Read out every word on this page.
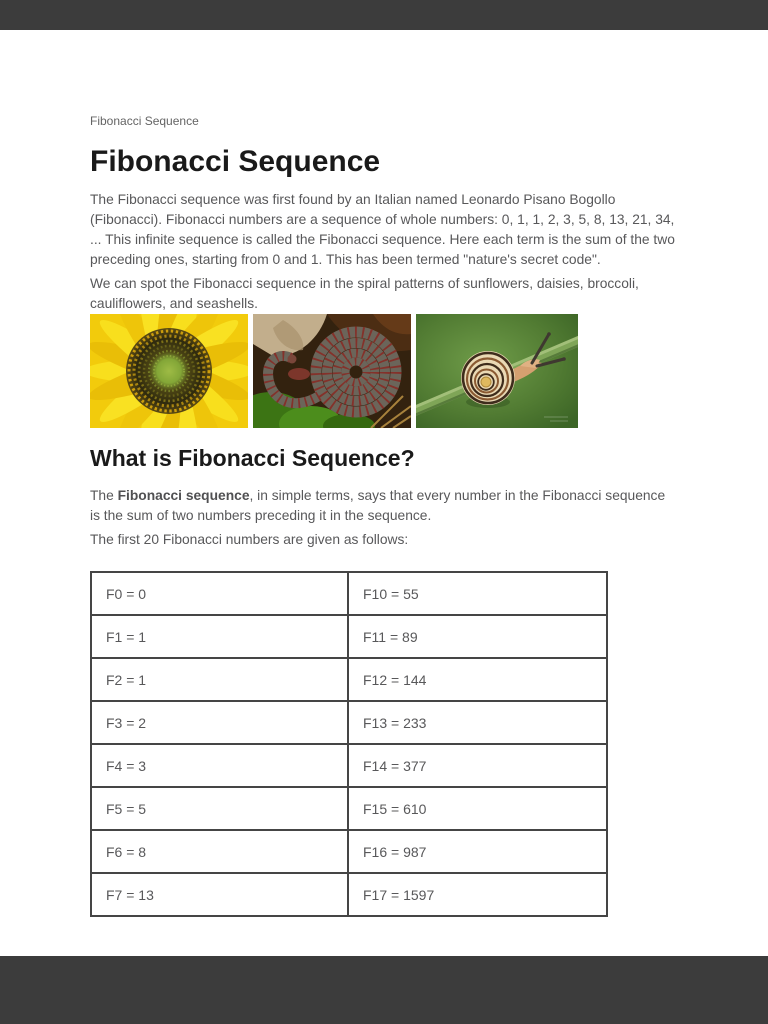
Fibonacci Sequence
Fibonacci Sequence
The Fibonacci sequence was first found by an Italian named Leonardo Pisano Bogollo
(Fibonacci). Fibonacci numbers are a sequence of whole numbers: 0, 1, 1, 2, 3, 5, 8, 13, 21, 34,
... This infinite sequence is called the Fibonacci sequence. Here each term is the sum of the two
preceding ones, starting from 0 and 1. This has been termed "nature's secret code".
We can spot the Fibonacci sequence in the spiral patterns of sunflowers, daisies, broccoli,
cauliflowers, and seashells.
What is Fibonacci Sequence?
The Fibonacci sequence, in simple terms, says that every number in the Fibonacci sequence
is the sum of two numbers preceding it in the sequence.
The first 20 Fibonacci numbers are given as follows:
F0 = 0	F10 = 55
F1 = 1	F11 = 89
F2 = 1	F12 = 144
F3 = 2	F13 = 233
F4 = 3	F14 = 377
F5 = 5	F15 = 610
F6 = 8	F16 = 987
F7 = 13	F17 = 1597
